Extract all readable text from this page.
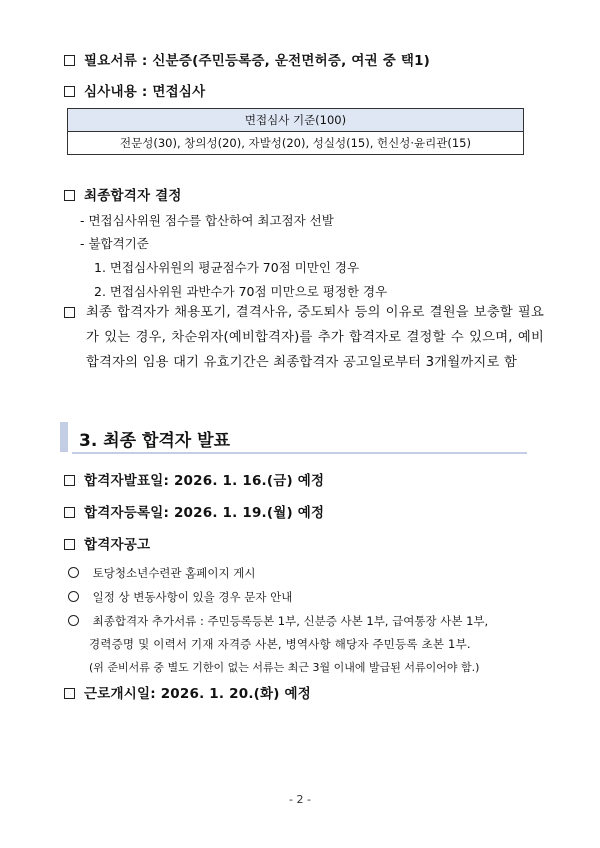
필요서류 : 신분증(주민등록증, 운전면허증, 여권 중 택1)
심사내용 : 면접심사
면접심사 기준(100)
전문성(30), 창의성(20), 자발성(20), 성실성(15), 헌신성·윤리관(15)
최종합격자 결정
- 면접심사위원 점수를 합산하여 최고점자 선발
- 불합격기준
1. 면접심사위원의 평균점수가 70점 미만인 경우
2. 면접심사위원 과반수가 70점 미만으로 평정한 경우
최종 합격자가 채용포기, 결격사유, 중도퇴사 등의 이유로 결원을 보충할 필요가 있는 경우, 차순위자(예비합격자)를 추가 합격자로 결정할 수 있으며, 예비합격자의 임용 대기 유효기간은 최종합격자 공고일로부터 3개월까지로 함
3. 최종 합격자 발표
합격자발표일: 2026. 1. 16.(금) 예정
합격자등록일: 2026. 1. 19.(월) 예정
합격자공고
토당청소년수련관 홈페이지 게시
일정 상 변동사항이 있을 경우 문자 안내
최종합격자 추가서류 : 주민등록등본 1부, 신분증 사본 1부, 급여통장 사본 1부,
경력증명 및 이력서 기재 자격증 사본, 병역사항 해당자 주민등록 초본 1부.
(위 준비서류 중 별도 기한이 없는 서류는 최근 3월 이내에 발급된 서류이어야 함.)
근로개시일: 2026. 1. 20.(화) 예정
- 2 -
